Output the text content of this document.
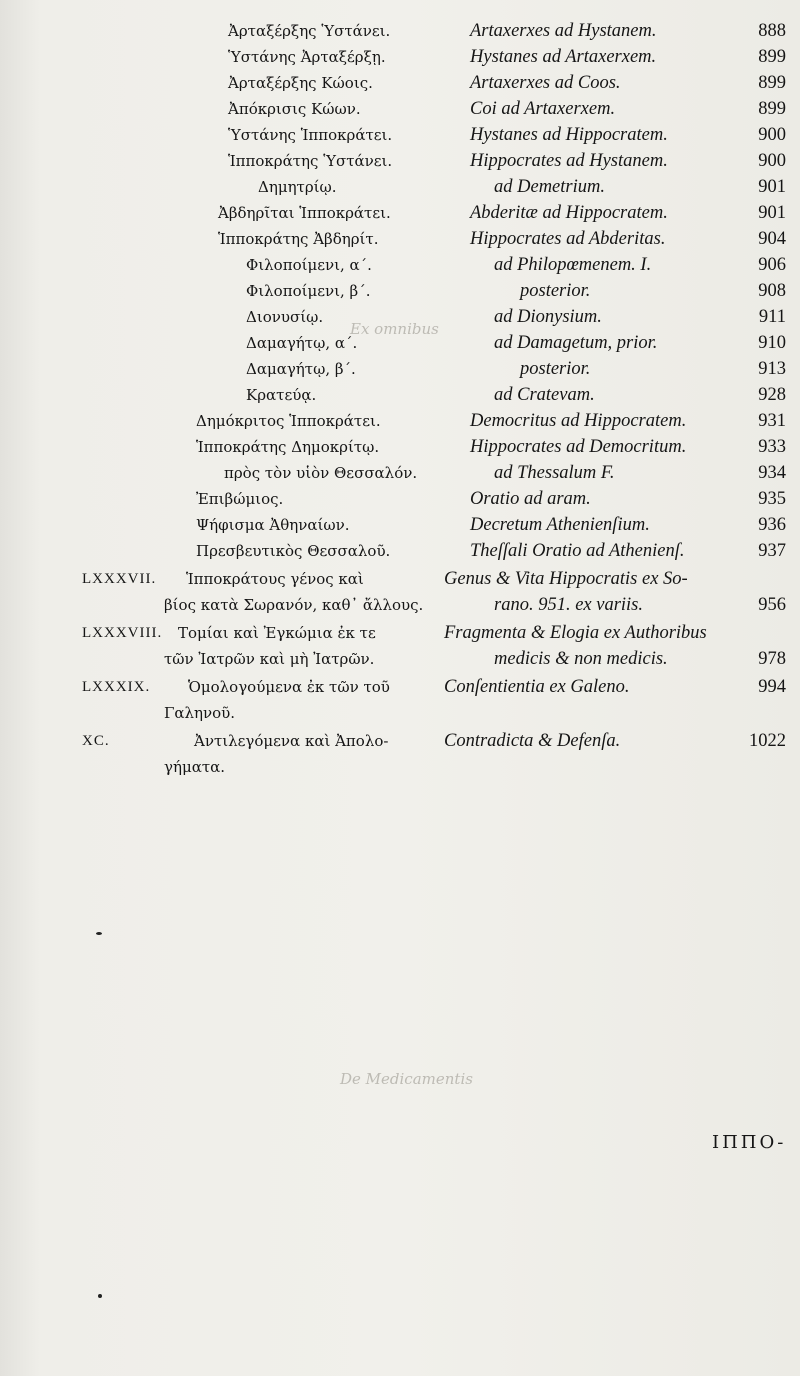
Ex omnibus
De Medicamentis
Ἀρταξέρξης Ὑστάνει.	Artaxerxes ad Hystanem.	888
Ὑστάνης Ἀρταξέρξῃ.	Hystanes ad Artaxerxem.	899
Ἀρταξέρξης Κώοις.	Artaxerxes ad Coos.	899
Ἀπόκρισις Κώων.	Coi ad Artaxerxem.	899
Ὑστάνης Ἱπποκράτει.	Hystanes ad Hippocratem.	900
Ἱπποκράτης Ὑστάνει.	Hippocrates ad Hystanem.	900
Δημητρίῳ.	ad Demetrium.	901
Ἀβδηρῖται Ἱπποκράτει.	Abderitæ ad Hippocratem.	901
Ἱπποκράτης Ἀβδηρίτ.	Hippocrates ad Abderitas.	904
Φιλοποίμενι, α΄.	ad Philopœmenem. I.	906
Φιλοποίμενι, β΄.	posterior.	908
Διονυσίῳ.	ad Dionysium.	911
Δαμαγήτῳ, α΄.	ad Damagetum, prior.	910
Δαμαγήτῳ, β΄.	posterior.	913
Κρατεύᾳ.	ad Cratevam.	928
Δημόκριτος Ἱπποκράτει.	Democritus ad Hippocratem.	931
Ἱπποκράτης Δημοκρίτῳ.	Hippocrates ad Democritum.	933
πρὸς τὸν υἱὸν Θεσσαλόν.	ad Thessalum F.	934
Ἐπιβώμιος.	Oratio ad aram.	935
Ψήφισμα Ἀθηναίων.	Decretum Athenienſium.	936
Πρεσβευτικὸς Θεσσαλοῦ.	Theſſali Oratio ad Athenienſ.	937
LXXXVII. Ἱπποκράτους γένος καὶ	Genus & Vita Hippocratis ex So-
βίος κατὰ Σωρανόν, καθ᾽ ἄλλους.	rano. 951. ex variis.	956
LXXXVIII. Τομίαι καὶ Ἐγκώμια ἐκ τε	Fragmenta & Elogia ex Authoribus
τῶν Ἰατρῶν καὶ μὴ Ἰατρῶν.	medicis & non medicis.	978
LXXXIX.	Ὁμολογούμενα ἐκ τῶν τοῦ	Conſentientia ex Galeno.	994
Γαληνοῦ.
XC.	Ἀντιλεγόμενα καὶ Ἀπολο-	Contradicta & Defenſa.	1022
γήματα.
ΙΠΠΟ-
